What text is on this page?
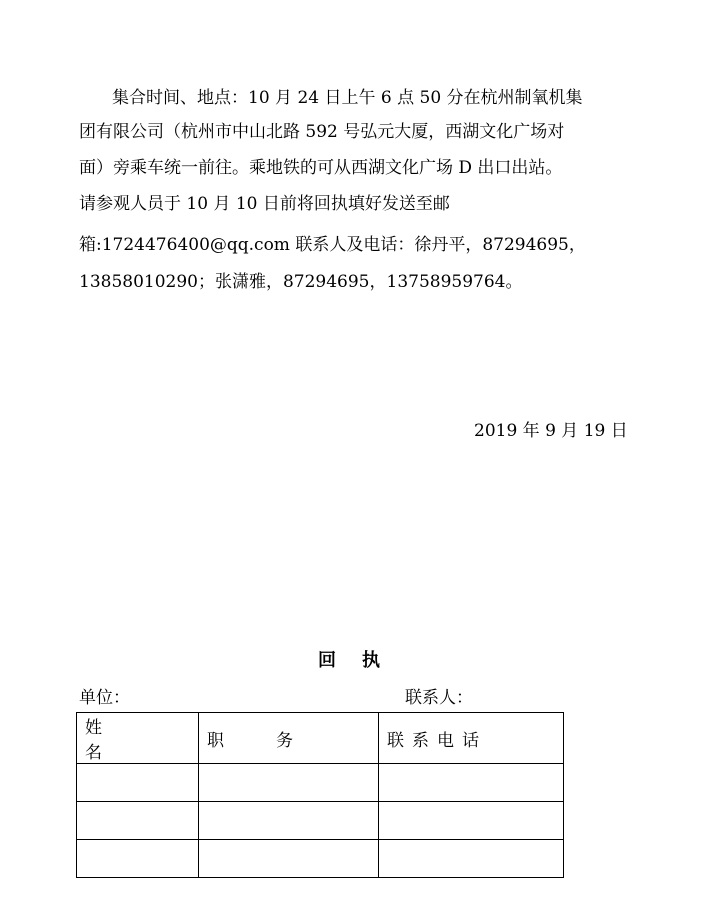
集合时间、地点：10 月 24 日上午 6 点 50 分在杭州制氧机集
团有限公司（杭州市中山北路 592 号弘元大厦，西湖文化广场对
面）旁乘车统一前往。乘地铁的可从西湖文化广场 D 出口出站。
请参观人员于 10 月 10 日前将回执填好发送至邮
箱:1724476400@qq.com 联系人及电话：徐丹平，87294695，
13858010290；张潇雅，87294695，13758959764。
2019 年 9 月 19 日
回执
单位：	联系人：
姓名	职务	联系电话
